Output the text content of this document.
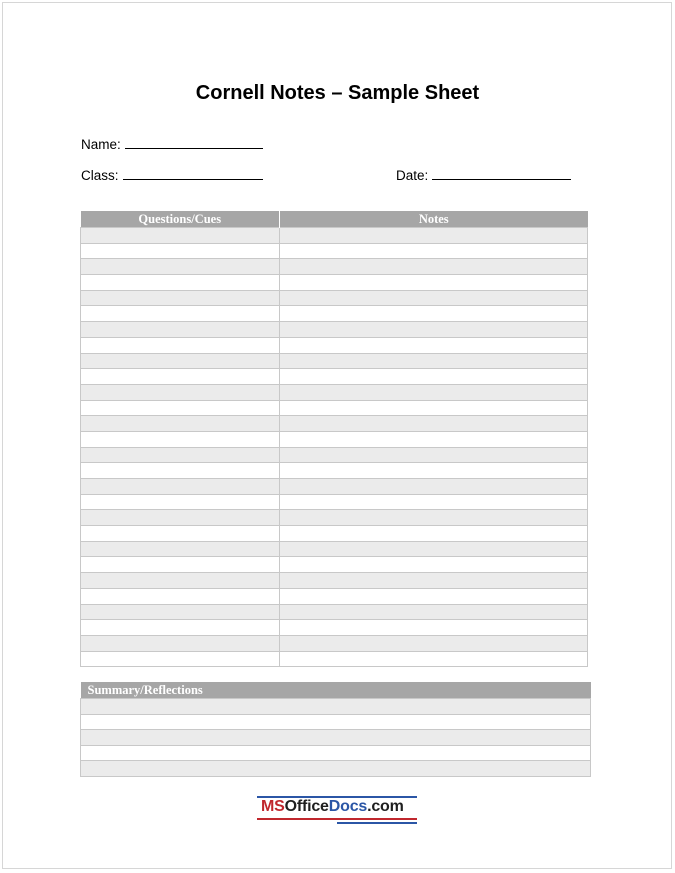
Cornell Notes – Sample Sheet
Name:
Class:	Date:
Questions/Cues	Notes

Summary/Reflections

MSOfficeDocs.com
